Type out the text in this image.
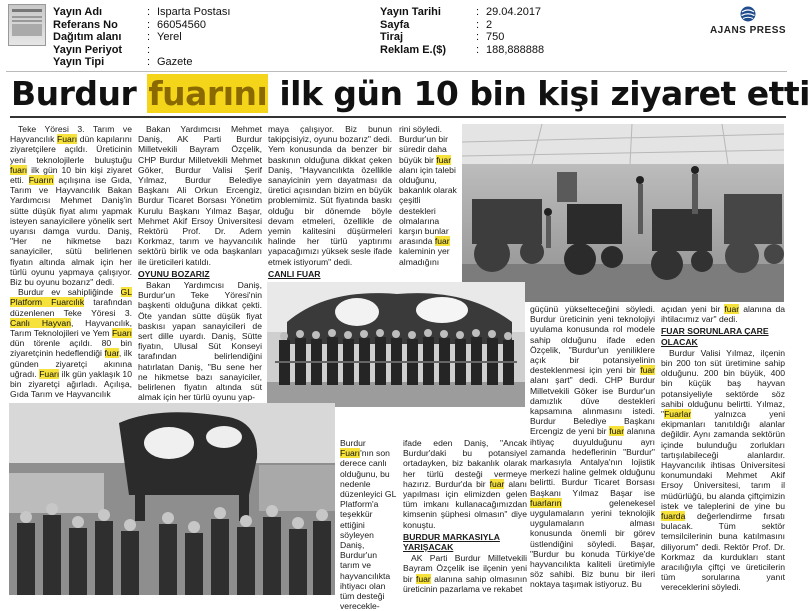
Yayın Adı	: Isparta Postası
Referans No	: 66054560
Dağıtım alanı : Yerel
Yayın Periyot :
Yayın Tipi	: Gazete
Yayın Tarihi	: 29.04.2017
Sayfa	: 2
Tiraj	: 750
Reklam E.($)	: 188,888888
AJANS PRESS
Burdur fuarını ilk gün 10 bin kişi ziyaret etti

Teke Yöresi 3. Tarım ve Hayvancılık Fuarı dün kapılarını ziyaretçilere açıldı. Üreticinin yeni teknolojilerle buluştuğu fuarı ilk gün 10 bin kişi ziyaret etti. Fuarın açılışına ise Gıda, Tarım ve Hayvancılık Bakan Yardımcısı Mehmet Daniş'in sütte düşük fiyat alımı yapmak isteyen sanayicilere yönelik sert uyarısı damga vurdu. Daniş, "Her ne hikmetse bazı sanayiciler, sütü belirlenen fiyatın altında almak için her türlü oyunu yapmaya çalışıyor. Biz bu oyunu bozarız" dedi.

Burdur ev sahipliğinde GL Platform Fuarcılık tarafından düzenlenen Teke Yöresi 3. Canlı Hayvan, Hayvancılık, Tarım Teknolojileri ve Yem Fuarı dün törenle açıldı. 80 bin ziyaretçinin hedeflendiği fuar, ilk günden ziyaretçi akınına uğradı. Fuarı ilk gün yaklaşık 10 bin ziyaretçi ağırladı. Açılışa, Gıda Tarım ve Hayvancılık

Bakan Yardımcısı Mehmet Daniş, AK Parti Burdur Milletvekili Bayram Özçelik, CHP Burdur Milletvekili Mehmet Göker, Burdur Valisi Şerif Yılmaz, Burdur Belediye Başkanı Ali Orkun Ercengiz, Burdur Ticaret Borsası Yönetim Kurulu Başkanı Yılmaz Başar, Mehmet Akif Ersoy Üniversitesi Rektörü Prof. Dr. Adem Korkmaz, tarım ve hayvancılık sektörü birlik ve oda başkanları ile üreticileri katıldı.

OYUNU BOZARIZ

Bakan Yardımcısı Daniş, Burdur'un Teke Yöresi'nin başkenti olduğuna dikkat çekti. Öte yandan sütte düşük fiyat baskısı yapan sanayicileri de sert dille uyardı. Daniş, Sütte fiyatın, Ulusal Süt Konseyi tarafından belirlendiğini hatırlatan Daniş, "Bu sene her ne hikmetse bazı sanayiciler, belirlenen fiyatın altında süt almak için her türlü oyunu yap-

maya çalışıyor. Biz bunun takipçisiyiz, oyunu bozarız" dedi. Yem konusunda da benzer bir baskının olduğuna dikkat çeken Daniş, "Hayvancılıkta özellikle sanayicinin yem dayatması da üretici açısından bizim en büyük problemimiz. Süt fiyatında baskı olduğu bir dönemde böyle devam etmeleri, özellikle de yemin kalitesini düşürmeleri halinde her türlü yaptırımı yapacağımızı yüksek sesle ifade etmek istiyorum" dedi.

CANLI FUAR

rini söyledi. Burdur'un bir süredir daha büyük bir fuar alanı için talebi olduğunu, bakanlık olarak çeşitli destekleri olmalarına karşın bunlar arasında fuar kaleminin yer almadığını

güçünü yükselteceğini söyledi. Burdur üreticinin yeni teknolojiyi uyulama konusunda rol modele sahip olduğunu ifade eden Özçelik, "Burdur'un yeniliklere açık bir potansiyelinin desteklenmesi için yeni bir fuar alanı şart" dedi. CHP Burdur Milletvekili Göker ise Burdur'un damızlık düve destekleri kapsamına alınmasını istedi. Burdur Belediye Başkanı Ercengiz de yeni bir fuar alanına ihtiyaç duyulduğunu ayrı zamanda hedeflerinin "Burdur" markasıyla Antalya'nın lojistik merkezi haline gelmek olduğunu belirtti. Burdur Ticaret Borsası Başkanı Yılmaz Başar ise fuarların gelenekesel uygulamaların yerini teknolojik uygulamaların alması konusunda önemli bir görev üstlendiğini söyledi. Başar, "Burdur bu konuda Türkiye'de hayvancılıkta kaliteli üretimiyle söz sahibi. Biz bunu bir ileri noktaya taşımak istiyoruz. Bu

açıdan yeni bir fuar alanına da ihtilacımız var" dedi.

FUAR SORUNLARA ÇARE OLACAK

Burdur Valisi Yılmaz, ilçenin bin 200 ton süt üretimine sahip olduğunu. 200 bin büyük, 400 bin küçük baş hayvan potansiyeliyle sektörde söz sahibi olduğunu belirtti. Yılmaz, "Fuarlar yalnızca yeni ekipmanları tanıtıldığı alanlar değildir. Aynı zamanda sektörün içinde bulunduğu zorlukları tartışılabileceği alanlardır. Hayvancılık ihtisas Üniversitesi konumundaki Mehmet Akif Ersoy Üniversitesi, tarım il müdürlüğü, bu alanda çiftçimizin istek ve taleplerini de yine bu fuarda değerlendirme fırsatı bulacak. Tüm sektör temsilcilerinin buna katılmasını diliyorum" dedi. Rektör Prof. Dr. Korkmaz da kurdukları stant aracılığıyla çiftçi ve üreticilerin tüm sorularına yanıt vereceklerini söyledi.

Burdur Fuarı'nın son derece canlı olduğunu, bu nedenle düzenleyici GL Platform'a teşekkür ettiğini söyleyen Daniş, Burdur'un tarım ve hayvancılıkta ihtiyacı olan tüm desteği verecekle-

ifade eden Daniş, "Ancak Burdur'daki bu potansiyel ortadayken, biz bakanlık olarak her türlü desteği vermeye hazırız. Burdur'da bir fuar alanı yapılması için elimizden gelen tüm imkanı kullanacağımızdan kimsenin şüphesi olmasın" diye konuştu.

BURDUR MARKASIYLA YARIŞACAK

AK Parti Burdur Milletvekili Bayram Özçelik ise ilçenin yeni bir fuar alanına sahip olmasının üreticinin pazarlama ve rekabet
